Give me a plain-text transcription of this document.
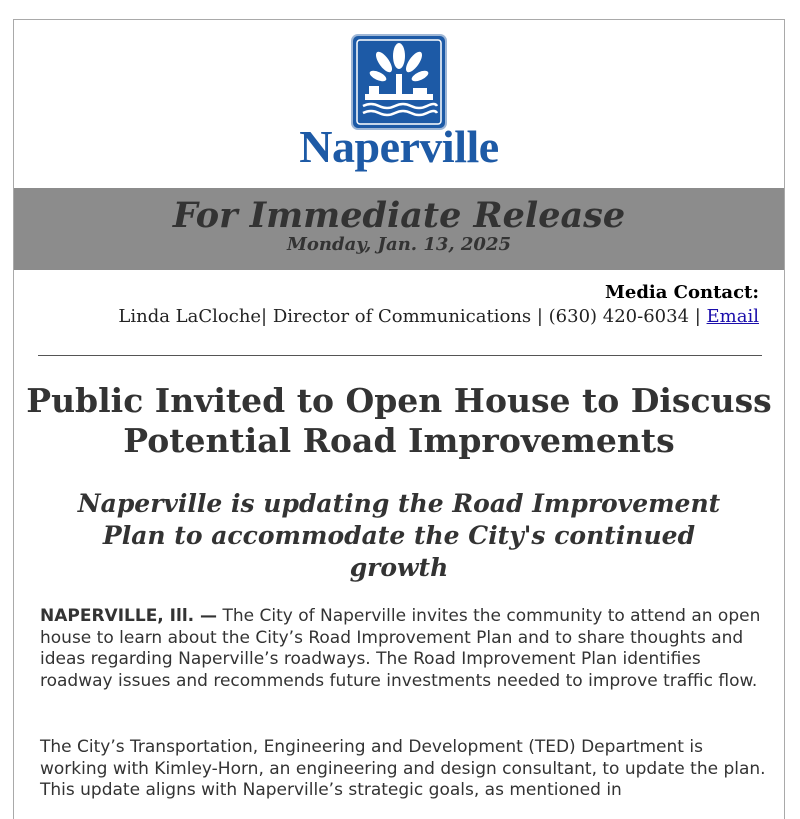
Naperville
For Immediate Release
Monday, Jan. 13, 2025
Media Contact:
Linda LaCloche| Director of Communications | (630) 420-6034 | Email
Public Invited to Open House to Discuss Potential Road Improvements
Naperville is updating the Road Improvement Plan to accommodate the City's continued growth

NAPERVILLE, Ill. — The City of Naperville invites the community to attend an open house to learn about the City’s Road Improvement Plan and to share thoughts and ideas regarding Naperville’s roadways. The Road Improvement Plan identifies roadway issues and recommends future investments needed to improve traffic flow.

The City’s Transportation, Engineering and Development (TED) Department is working with Kimley-Horn, an engineering and design consultant, to update the plan. This update aligns with Naperville’s strategic goals, as mentioned in
